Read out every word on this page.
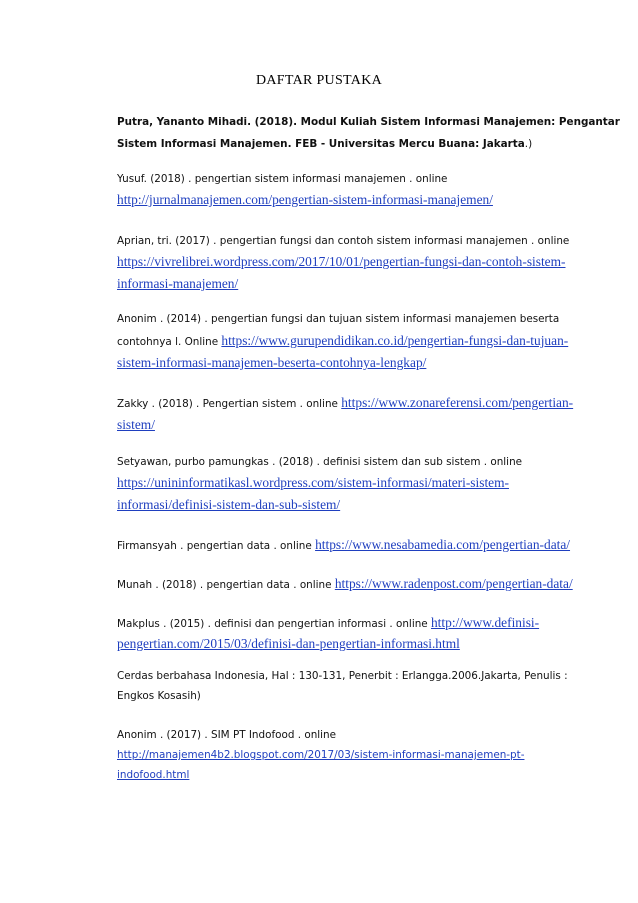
DAFTAR PUSTAKA
Putra, Yananto Mihadi. (2018). Modul Kuliah Sistem Informasi Manajemen: Pengantar
Sistem Informasi Manajemen. FEB - Universitas Mercu Buana: Jakarta.)
Yusuf. (2018) . pengertian sistem informasi manajemen . online
http://jurnalmanajemen.com/pengertian-sistem-informasi-manajemen/
Aprian, tri. (2017) . pengertian fungsi dan contoh sistem informasi manajemen . online
https://vivrelibrei.wordpress.com/2017/10/01/pengertian-fungsi-dan-contoh-sistem-
informasi-manajemen/
Anonim . (2014) . pengertian fungsi dan tujuan sistem informasi manajemen beserta
contohnya l. Online https://www.gurupendidikan.co.id/pengertian-fungsi-dan-tujuan-
sistem-informasi-manajemen-beserta-contohnya-lengkap/
Zakky . (2018) . Pengertian sistem . online https://www.zonareferensi.com/pengertian-
sistem/
Setyawan, purbo pamungkas . (2018) . definisi sistem dan sub sistem . online
https://unininformatikasl.wordpress.com/sistem-informasi/materi-sistem-
informasi/definisi-sistem-dan-sub-sistem/
Firmansyah . pengertian data . online https://www.nesabamedia.com/pengertian-data/
Munah . (2018) . pengertian data . online https://www.radenpost.com/pengertian-data/
Makplus . (2015) . definisi dan pengertian informasi . online http://www.definisi-
pengertian.com/2015/03/definisi-dan-pengertian-informasi.html
Cerdas berbahasa Indonesia, Hal : 130-131, Penerbit : Erlangga.2006.Jakarta, Penulis :
Engkos Kosasih)
Anonim . (2017) . SIM PT Indofood . online
http://manajemen4b2.blogspot.com/2017/03/sistem-informasi-manajemen-pt-
indofood.html
